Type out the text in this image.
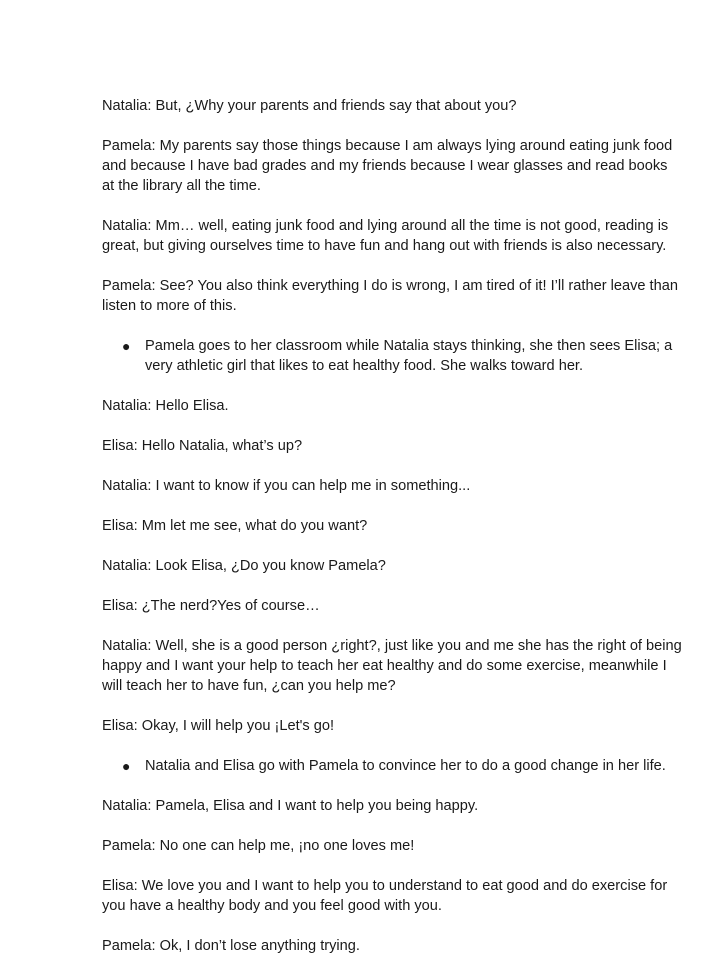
Natalia: But, ¿Why your parents and friends say that about you?

Pamela: My parents say those things because I am always lying around eating junk food and because I have bad grades and my friends because I wear glasses and read books at the library all the time.

Natalia: Mm… well, eating junk food and lying around all the time is not good, reading is great, but giving ourselves time to have fun and hang out with friends is also necessary.

Pamela: See? You also think everything I do is wrong, I am tired of it! I’ll rather leave than listen to more of this.

● Pamela goes to her classroom while Natalia stays thinking, she then sees Elisa; a very athletic girl that likes to eat healthy food. She walks toward her.

Natalia: Hello Elisa.

Elisa: Hello Natalia, what’s up?

Natalia: I want to know if you can help me in something...

Elisa: Mm let me see, what do you want?

Natalia: Look Elisa, ¿Do you know Pamela?

Elisa: ¿The nerd?Yes of course…

Natalia: Well, she is a good person ¿right?, just like you and me she has the right of being happy and I want your help to teach her eat healthy and do some exercise, meanwhile I will teach her to have fun, ¿can you help me?

Elisa: Okay, I will help you ¡Let's go!

● Natalia and Elisa go with Pamela to convince her to do a good change in her life.

Natalia: Pamela, Elisa and I want to help you being happy.

Pamela: No one can help me, ¡no one loves me!

Elisa: We love you and I want to help you to understand to eat good and do exercise for you have a healthy body and you feel good with you.

Pamela: Ok, I don’t lose anything trying.
